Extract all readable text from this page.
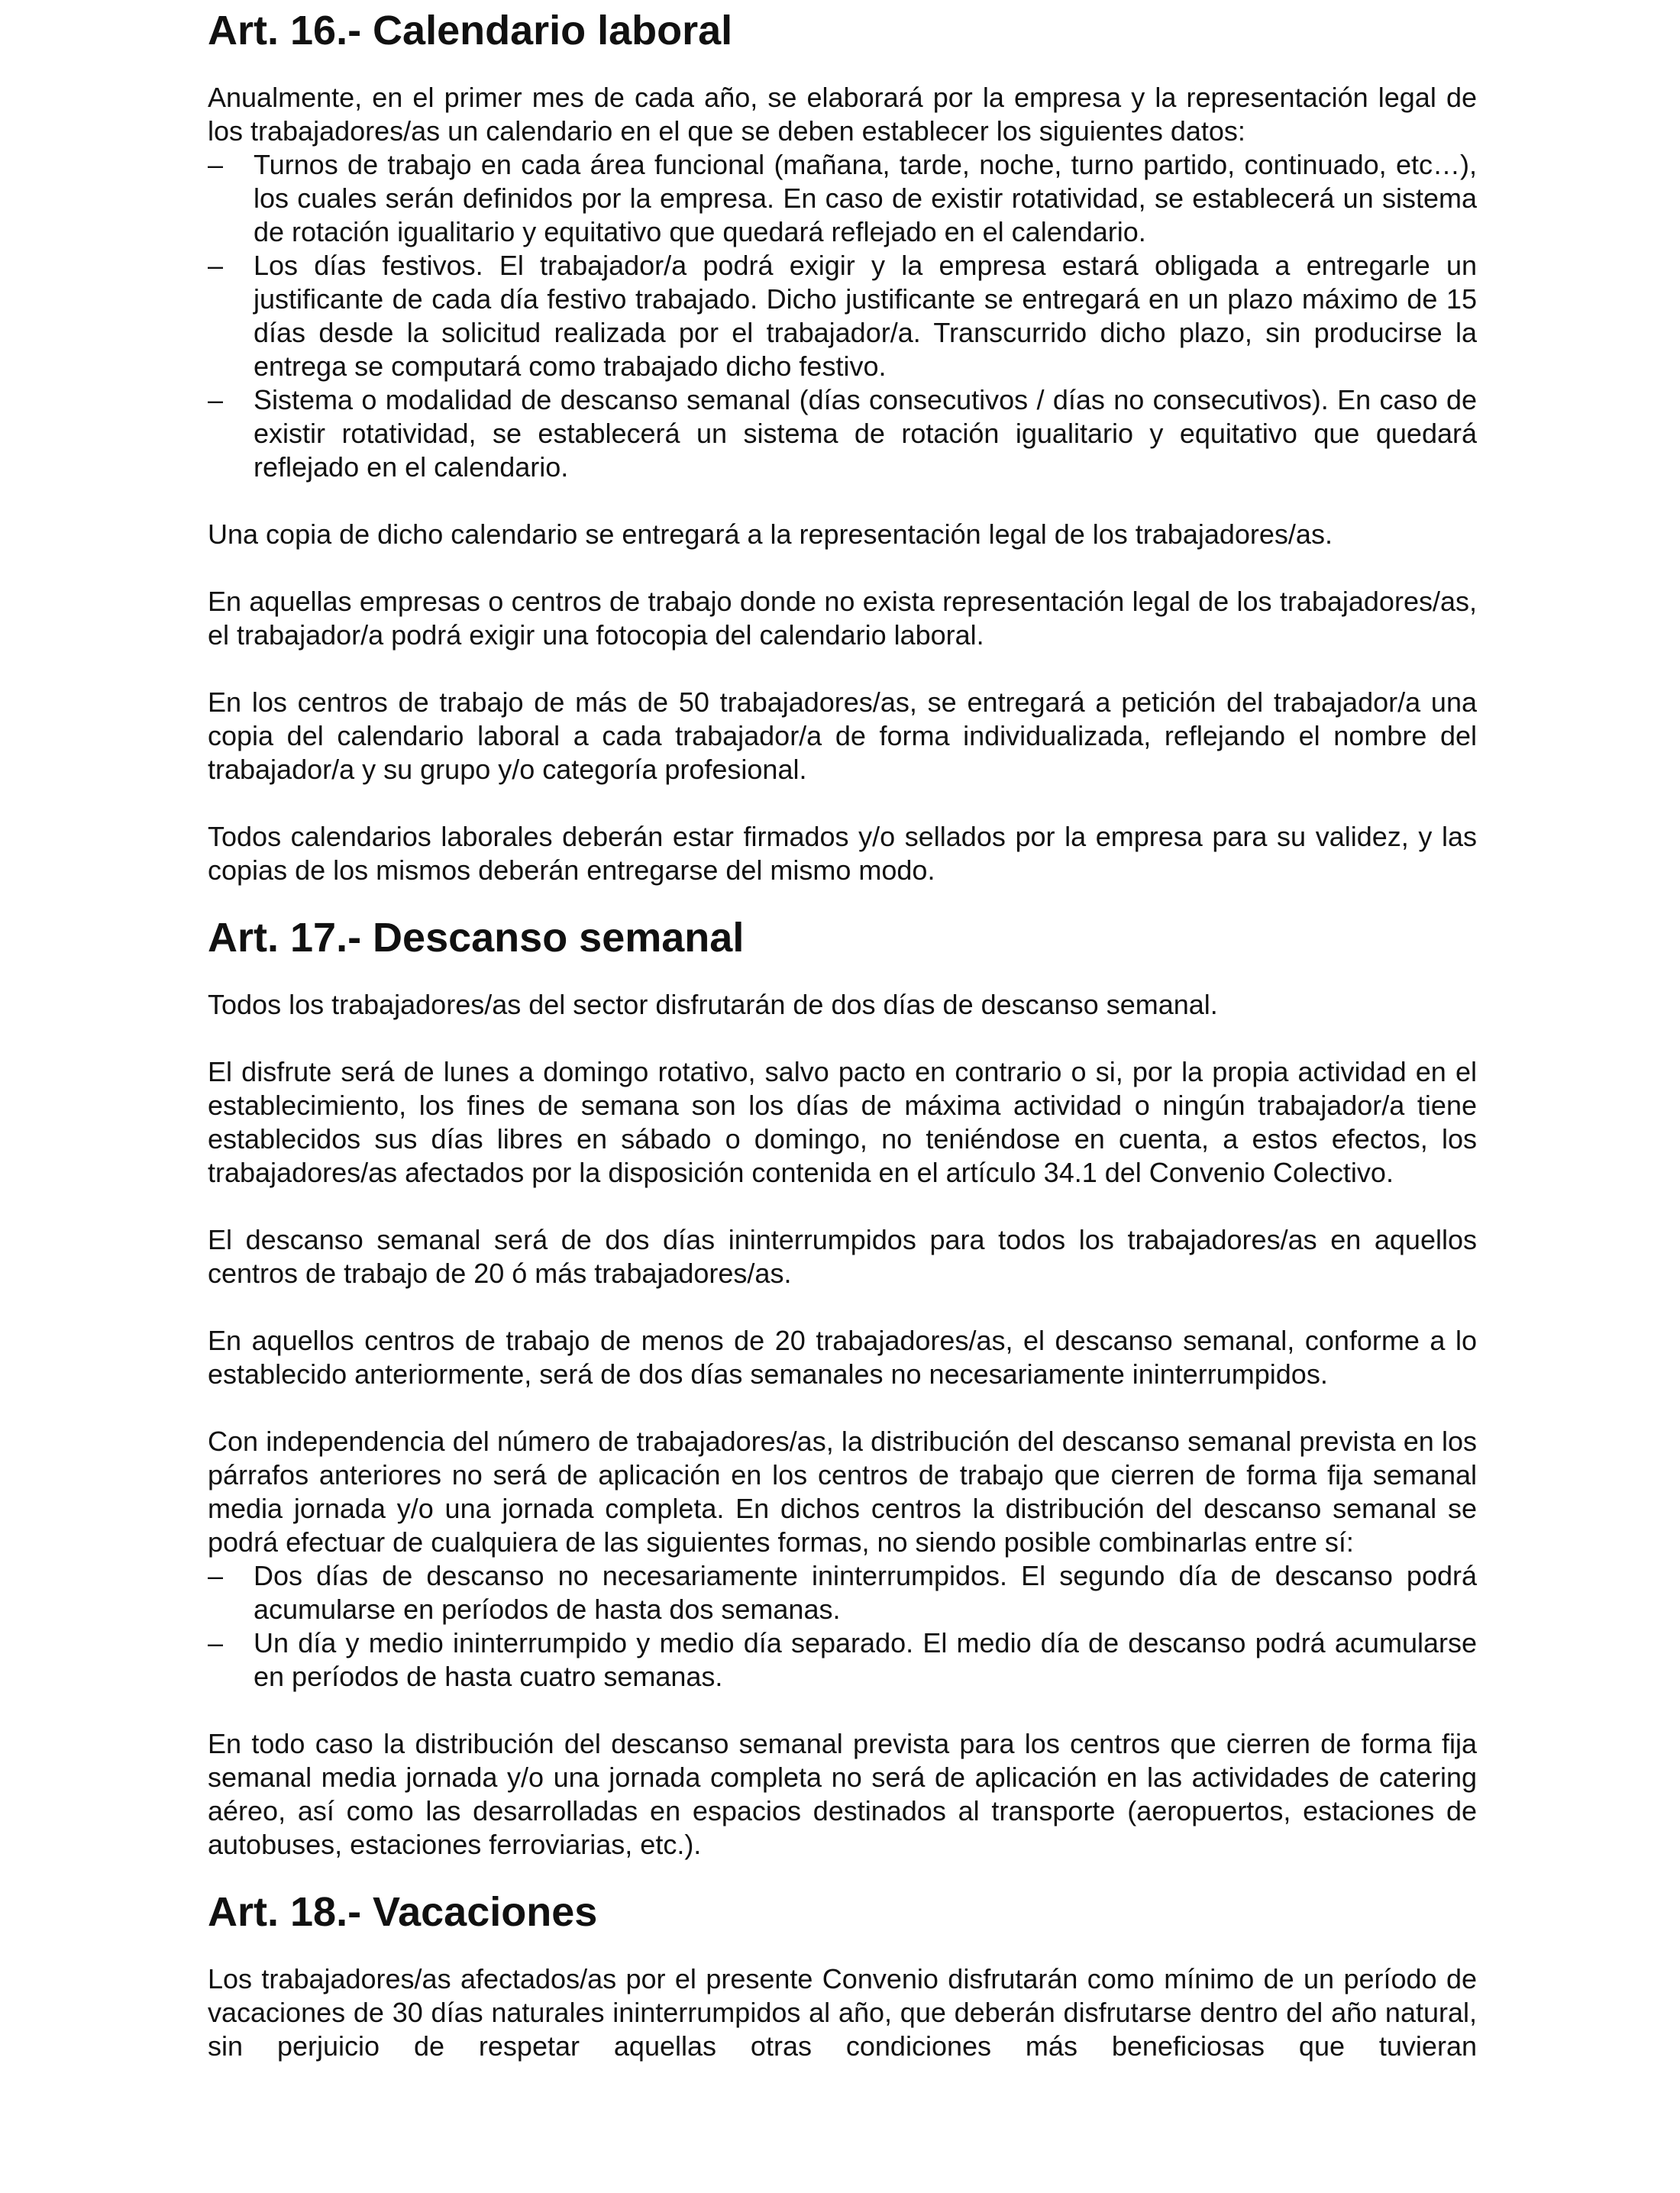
Art. 16.- Calendario laboral

Anualmente, en el primer mes de cada año, se elaborará por la empresa y la representación legal de los trabajadores/as un calendario en el que se deben establecer los siguientes datos:

– Turnos de trabajo en cada área funcional (mañana, tarde, noche, turno partido, continuado, etc…), los cuales serán definidos por la empresa. En caso de existir rotatividad, se establecerá un sistema de rotación igualitario y equitativo que quedará reflejado en el calendario.
– Los días festivos. El trabajador/a podrá exigir y la empresa estará obligada a entregarle un justificante de cada día festivo trabajado. Dicho justificante se entregará en un plazo máximo de 15 días desde la solicitud realizada por el trabajador/a. Transcurrido dicho plazo, sin producirse la entrega se computará como trabajado dicho festivo.
– Sistema o modalidad de descanso semanal (días consecutivos / días no consecutivos). En caso de existir rotatividad, se establecerá un sistema de rotación igualitario y equitativo que quedará reflejado en el calendario.

Una copia de dicho calendario se entregará a la representación legal de los trabajadores/as.

En aquellas empresas o centros de trabajo donde no exista representación legal de los trabajadores/as, el trabajador/a podrá exigir una fotocopia del calendario laboral.

En los centros de trabajo de más de 50 trabajadores/as, se entregará a petición del trabajador/a una copia del calendario laboral a cada trabajador/a de forma individualizada, reflejando el nombre del trabajador/a y su grupo y/o categoría profesional.

Todos calendarios laborales deberán estar firmados y/o sellados por la empresa para su validez, y las copias de los mismos deberán entregarse del mismo modo.

Art. 17.- Descanso semanal

Todos los trabajadores/as del sector disfrutarán de dos días de descanso semanal.

El disfrute será de lunes a domingo rotativo, salvo pacto en contrario o si, por la propia actividad en el establecimiento, los fines de semana son los días de máxima actividad o ningún trabajador/a tiene establecidos sus días libres en sábado o domingo, no teniéndose en cuenta, a estos efectos, los trabajadores/as afectados por la disposición contenida en el artículo 34.1 del Convenio Colectivo.

El descanso semanal será de dos días ininterrumpidos para todos los trabajadores/as en aquellos centros de trabajo de 20 ó más trabajadores/as.

En aquellos centros de trabajo de menos de 20 trabajadores/as, el descanso semanal, conforme a lo establecido anteriormente, será de dos días semanales no necesariamente ininterrumpidos.

Con independencia del número de trabajadores/as, la distribución del descanso semanal prevista en los párrafos anteriores no será de aplicación en los centros de trabajo que cierren de forma fija semanal media jornada y/o una jornada completa. En dichos centros la distribución del descanso semanal se podrá efectuar de cualquiera de las siguientes formas, no siendo posible combinarlas entre sí:

– Dos días de descanso no necesariamente ininterrumpidos. El segundo día de descanso podrá acumularse en períodos de hasta dos semanas.
– Un día y medio ininterrumpido y medio día separado. El medio día de descanso podrá acumularse en períodos de hasta cuatro semanas.

En todo caso la distribución del descanso semanal prevista para los centros que cierren de forma fija semanal media jornada y/o una jornada completa no será de aplicación en las actividades de catering aéreo, así como las desarrolladas en espacios destinados al transporte (aeropuertos, estaciones de autobuses, estaciones ferroviarias, etc.).

Art. 18.- Vacaciones

Los trabajadores/as afectados/as por el presente Convenio disfrutarán como mínimo de un período de vacaciones de 30 días naturales ininterrumpidos al año, que deberán disfrutarse dentro del año natural, sin perjuicio de respetar aquellas otras condiciones más beneficiosas que tuvieran
